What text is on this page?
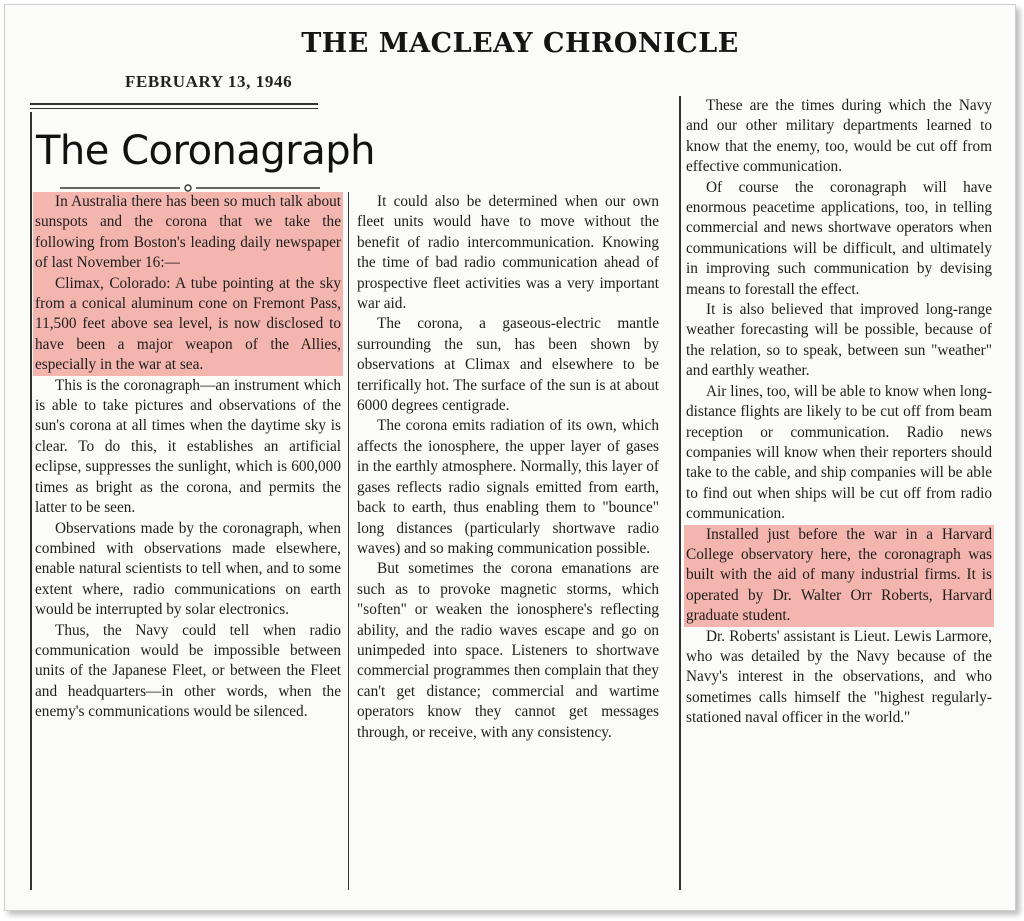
THE MACLEAY CHRONICLE
FEBRUARY 13, 1946
The Coronagraph

In Australia there has been so much talk about sunspots and the corona that we take the following from Boston's leading daily newspaper of last November 16:—

Climax, Colorado: A tube pointing at the sky from a conical aluminum cone on Fremont Pass, 11,500 feet above sea level, is now disclosed to have been a major weapon of the Allies, especially in the war at sea.

This is the coronagraph—an instrument which is able to take pictures and observations of the sun's corona at all times when the daytime sky is clear. To do this, it establishes an artificial eclipse, suppresses the sunlight, which is 600,000 times as bright as the corona, and permits the latter to be seen.

Observations made by the coronagraph, when combined with observations made elsewhere, enable natural scientists to tell when, and to some extent where, radio communications on earth would be interrupted by solar electronics.

Thus, the Navy could tell when radio communication would be impossible between units of the Japanese Fleet, or between the Fleet and headquarters—in other words, when the enemy's communications would be silenced.

It could also be determined when our own fleet units would have to move without the benefit of radio intercommunication. Knowing the time of bad radio communication ahead of prospective fleet activities was a very important war aid.

The corona, a gaseous-electric mantle surrounding the sun, has been shown by observations at Climax and elsewhere to be terrifically hot. The surface of the sun is at about 6000 degrees centigrade.

The corona emits radiation of its own, which affects the ionosphere, the upper layer of gases in the earthly atmosphere. Normally, this layer of gases reflects radio signals emitted from earth, back to earth, thus enabling them to "bounce" long distances (particularly shortwave radio waves) and so making communication possible.

But sometimes the corona emanations are such as to provoke magnetic storms, which "soften" or weaken the ionosphere's reflecting ability, and the radio waves escape and go on unimpeded into space. Listeners to shortwave commercial programmes then complain that they can't get distance; commercial and wartime operators know they cannot get messages through, or receive, with any consistency.

These are the times during which the Navy and our other military departments learned to know that the enemy, too, would be cut off from effective communication.

Of course the coronagraph will have enormous peacetime applications, too, in telling commercial and news shortwave operators when communications will be difficult, and ultimately in improving such communication by devising means to forestall the effect.

It is also believed that improved long-range weather forecasting will be possible, because of the relation, so to speak, between sun "weather" and earthly weather.

Air lines, too, will be able to know when long-distance flights are likely to be cut off from beam reception or communication. Radio news companies will know when their reporters should take to the cable, and ship companies will be able to find out when ships will be cut off from radio communication.

Installed just before the war in a Harvard College observatory here, the coronagraph was built with the aid of many industrial firms. It is operated by Dr. Walter Orr Roberts, Harvard graduate student.

Dr. Roberts' assistant is Lieut. Lewis Larmore, who was detailed by the Navy because of the Navy's interest in the observations, and who sometimes calls himself the "highest regularly-stationed naval officer in the world."
